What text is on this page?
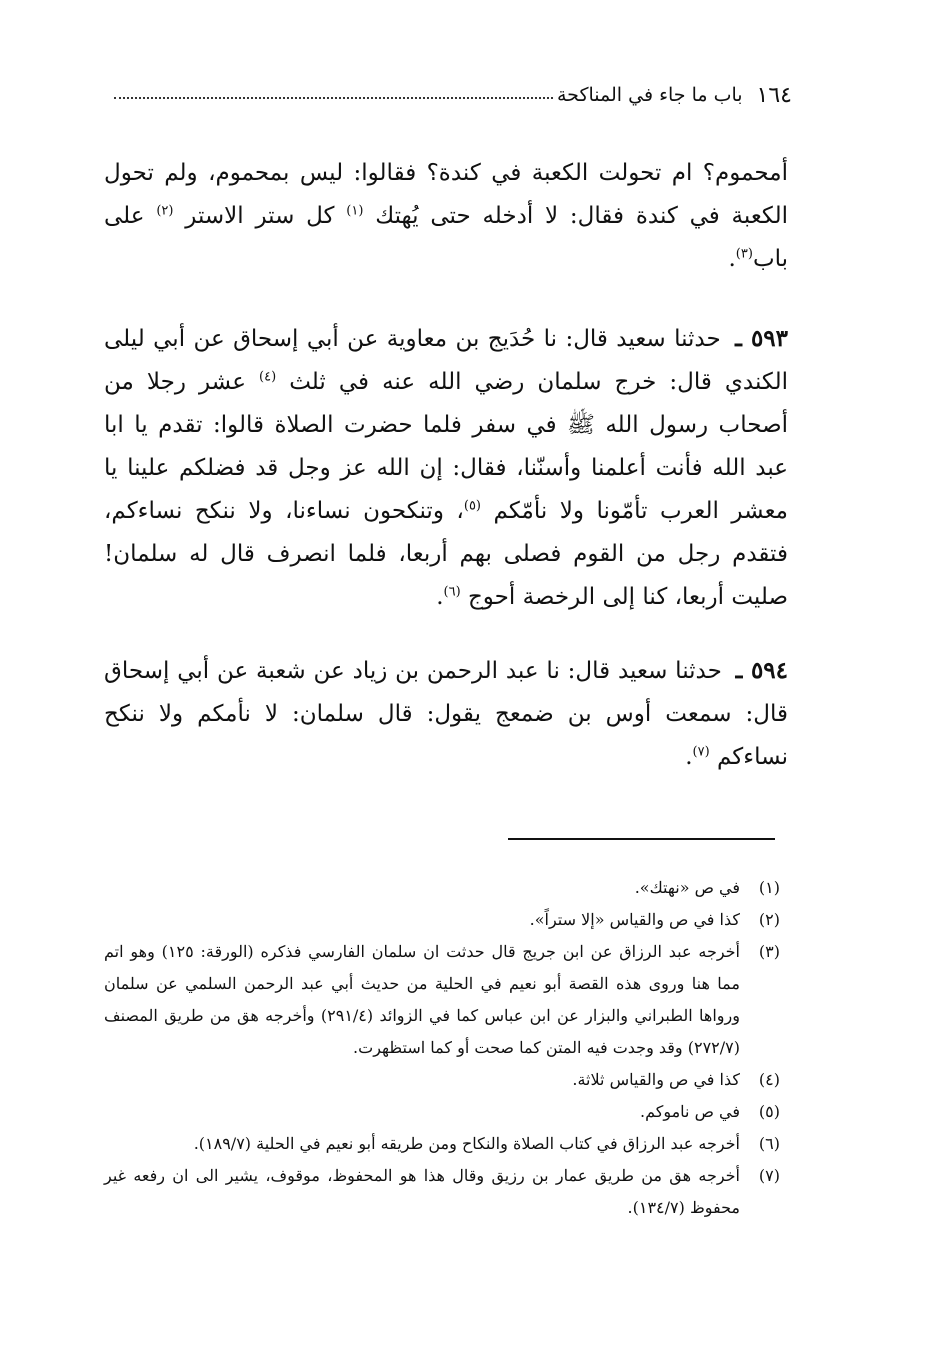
١٦٤
باب ما جاء في المناكحة

أمحموم؟ ام تحولت الكعبة في كندة؟ فقالوا: ليس بمحموم، ولم تحول الكعبة في كندة فقال: لا أدخله حتى يُهتك $^{(١)}$ كل ستر الاستر $^{(٢)}$ على باب$^{(٣)}$.

٥٩٣ ـ حدثنا سعيد قال: نا حُدَيج بن معاوية عن أبي إسحاق عن أبي ليلى الكندي قال: خرج سلمان رضي الله عنه في ثلث $^{(٤)}$ عشر رجلا من أصحاب رسول الله ﷺ في سفر فلما حضرت الصلاة قالوا: تقدم يا ابا عبد الله فأنت أعلمنا وأسنّنا، فقال: إن الله عز وجل قد فضلكم علينا يا معشر العرب تأمّونا ولا نأمّكم $^{(٥)}$، وتنكحون نساءنا، ولا ننكح نساءكم، فتقدم رجل من القوم فصلى بهم أربعا، فلما انصرف قال له سلمان! صليت أربعا، كنا إلى الرخصة أحوج $^{(٦)}$.

٥٩٤ ـ حدثنا سعيد قال: نا عبد الرحمن بن زياد عن شعبة عن أبي إسحاق قال: سمعت أوس بن ضمعج يقول: قال سلمان: لا نأمكم ولا ننكح نساءكم $^{(٧)}$.

(١)
في ص «نهتك».
(٢)
كذا في ص والقياس «إلا ستراً».
(٣)
أخرجه عبد الرزاق عن ابن جريج قال حدثت ان سلمان الفارسي فذكره (الورقة: ١٢٥) وهو اتم مما هنا وروى هذه القصة أبو نعيم في الحلية من حديث أبي عبد الرحمن السلمي عن سلمان ورواها الطبراني والبزار عن ابن عباس كما في الزوائد (٢٩١/٤) وأخرجه هق من طريق المصنف (٢٧٢/٧) وقد وجدت فيه المتن كما صحت أو كما استظهرت.
(٤)
كذا في ص والقياس ثلاثة.
(٥)
في ص ناموكم.
(٦)
أخرجه عبد الرزاق في كتاب الصلاة والنكاح ومن طريقه أبو نعيم في الحلية (١٨٩/٧).
(٧)
أخرجه هق من طريق عمار بن رزيق وقال هذا هو المحفوظ، موقوف، يشير الى ان رفعه غير محفوظ (١٣٤/٧).
